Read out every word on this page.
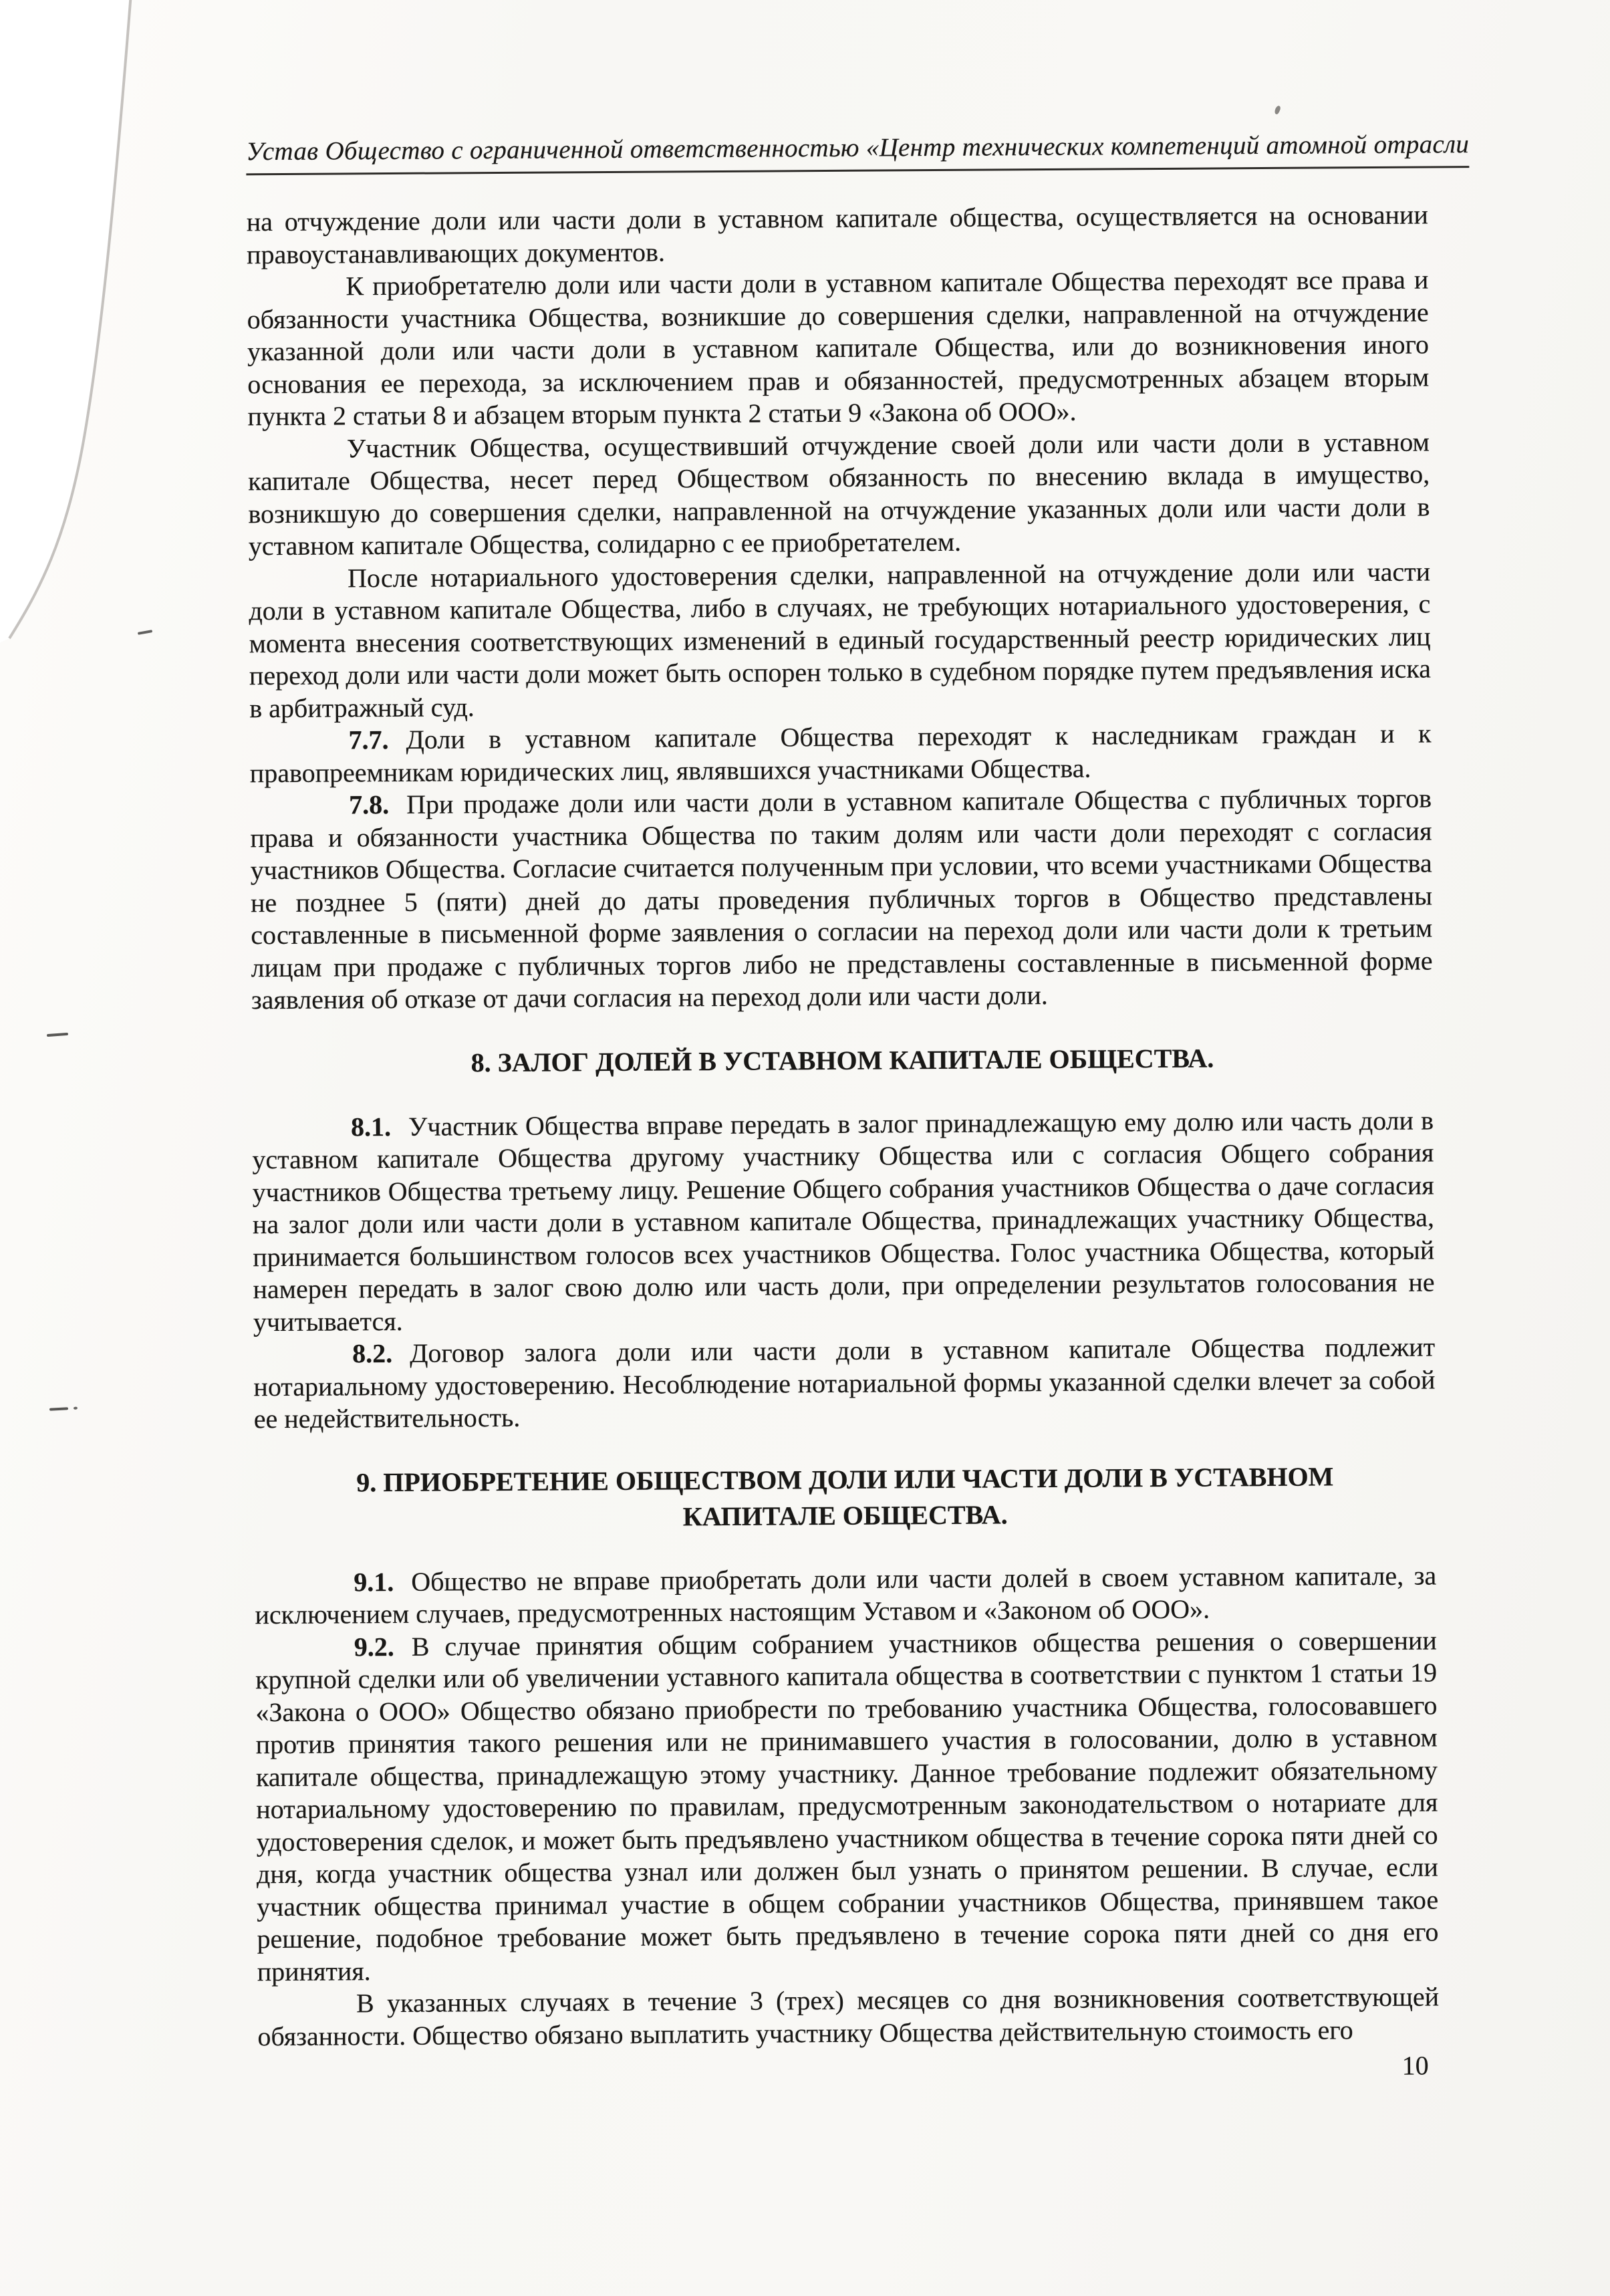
Устав Общество с ограниченной ответственностью «Центр технических компетенций атомной отрасли

на отчуждение доли или части доли в уставном капитале общества, осуществляется на основании правоустанавливающих документов.

К приобретателю доли или части доли в уставном капитале Общества переходят все права и обязанности участника Общества, возникшие до совершения сделки, направленной на отчуждение указанной доли или части доли в уставном капитале Общества, или до возникновения иного основания ее перехода, за исключением прав и обязанностей, предусмотренных абзацем вторым пункта 2 статьи 8 и абзацем вторым пункта 2 статьи 9 «Закона об ООО».

Участник Общества, осуществивший отчуждение своей доли или части доли в уставном капитале Общества, несет перед Обществом обязанность по внесению вклада в имущество, возникшую до совершения сделки, направленной на отчуждение указанных доли или части доли в уставном капитале Общества, солидарно с ее приобретателем.

После нотариального удостоверения сделки, направленной на отчуждение доли или части доли в уставном капитале Общества, либо в случаях, не требующих нотариального удостоверения, с момента внесения соответствующих изменений в единый государственный реестр юридических лиц переход доли или части доли может быть оспорен только в судебном порядке путем предъявления иска в арбитражный суд.

7.7. Доли в уставном капитале Общества переходят к наследникам граждан и к правопреемникам юридических лиц, являвшихся участниками Общества.

7.8. При продаже доли или части доли в уставном капитале Общества с публичных торгов права и обязанности участника Общества по таким долям или части доли переходят с согласия участников Общества. Согласие считается полученным при условии, что всеми участниками Общества не позднее 5 (пяти) дней до даты проведения публичных торгов в Общество представлены составленные в письменной форме заявления о согласии на переход доли или части доли к третьим лицам при продаже с публичных торгов либо не представлены составленные в письменной форме заявления об отказе от дачи согласия на переход доли или части доли.

8. ЗАЛОГ ДОЛЕЙ В УСТАВНОМ КАПИТАЛЕ ОБЩЕСТВА.

8.1. Участник Общества вправе передать в залог принадлежащую ему долю или часть доли в уставном капитале Общества другому участнику Общества или с согласия Общего собрания участников Общества третьему лицу. Решение Общего собрания участников Общества о даче согласия на залог доли или части доли в уставном капитале Общества, принадлежащих участнику Общества, принимается большинством голосов всех участников Общества. Голос участника Общества, который намерен передать в залог свою долю или часть доли, при определении результатов голосования не учитывается.

8.2. Договор залога доли или части доли в уставном капитале Общества подлежит нотариальному удостоверению. Несоблюдение нотариальной формы указанной сделки влечет за собой ее недействительность.

9. ПРИОБРЕТЕНИЕ ОБЩЕСТВОМ ДОЛИ ИЛИ ЧАСТИ ДОЛИ В УСТАВНОМ КАПИТАЛЕ ОБЩЕСТВА.

9.1. Общество не вправе приобретать доли или части долей в своем уставном капитале, за исключением случаев, предусмотренных настоящим Уставом и «Законом об ООО».

9.2. В случае принятия общим собранием участников общества решения о совершении крупной сделки или об увеличении уставного капитала общества в соответствии с пунктом 1 статьи 19 «Закона о ООО» Общество обязано приобрести по требованию участника Общества, голосовавшего против принятия такого решения или не принимавшего участия в голосовании, долю в уставном капитале общества, принадлежащую этому участнику. Данное требование подлежит обязательному нотариальному удостоверению по правилам, предусмотренным законодательством о нотариате для удостоверения сделок, и может быть предъявлено участником общества в течение сорока пяти дней со дня, когда участник общества узнал или должен был узнать о принятом решении. В случае, если участник общества принимал участие в общем собрании участников Общества, принявшем такое решение, подобное требование может быть предъявлено в течение сорока пяти дней со дня его принятия.

В указанных случаях в течение 3 (трех) месяцев со дня возникновения соответствующей обязанности. Общество обязано выплатить участнику Общества действительную стоимость его

10
